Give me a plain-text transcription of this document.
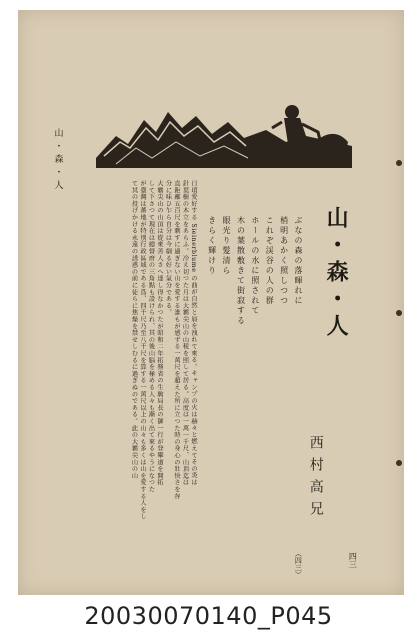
山・森・人
山・森・人
ぶなの森の落暉れに
梢明あかく照しつつ
これぞ渓谷の人の群
ホールの水に照されて
木の葉散敷きて街寂する
眼光り髪清ら
きらく輝けり
西村高兄
日頃愛好する Sieinerblume の曲が自然と唇を洩れて來る。キャンプの火は赫々と燃えてその炎は
針葉樹の木立をあらふ。冷え切つた月は大霸尖山の山稜を照して居る。高度は一萬一千尺、山頂迄は
直距離五百尺を剰すに過ぎない山を愛する誰もが感ずる一萬尺を超えた所に立つた時の身心の壯快さを存
分に味ひ乍ら自分は今劇る好い氣分である。
大霸尖山の山頂は從來善人さへ達し得なかつたが昭和二年拓務省の生駒局長の御一行が登攀道を開拓
して下さつて現在は總督府の三角點も設けられ、其の後山脳を極める人々も漸く出て來るやうになつた
が臺灣は蕃地が特別行政區域である爲、四千尺乃至八千尺を算する一萬尺以上の山々も多くは山を愛する人をし
て其の投げかける永遠の誘惑の前に徒らに焦燥を禁せしむるに過ぎぬのである。此の大霸尖山の山
四三
（四三）
20030070140_P045
